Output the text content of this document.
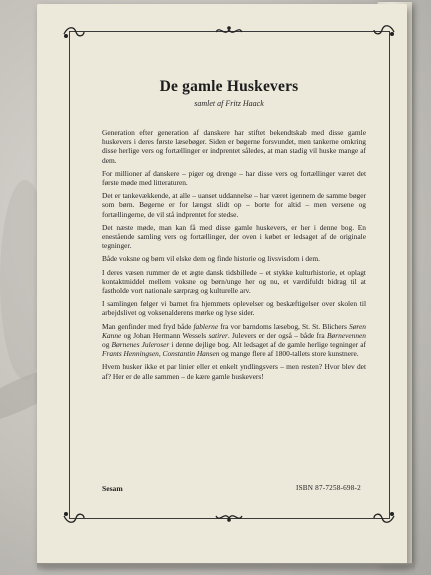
De gamle Huskevers

samlet af Fritz Haack

Generation efter generation af danskere har stiftet bekendtskab med disse gamle huskevers i deres første læsebøger. Siden er bøgerne forsvundet, men tankerne omkring disse herlige vers og fortællinger er indprentet således, at man stadig vil huske mange af dem.

For millioner af danskere – piger og drenge – har disse vers og fortællinger været det første møde med litteraturen.

Det er tankevækkende, at alle – uanset uddannelse – har været igennem de samme bøger som børn. Bøgerne er for længst slidt op – borte for altid – men versene og fortællingerne, de vil stå indprentet for stedse.

Det næste møde, man kan få med disse gamle huskevers, er her i denne bog. En enestående samling vers og fortællinger, der oven i købet er ledsaget af de originale tegninger.

Både voksne og børn vil elske dem og finde historie og livsvisdom i dem.

I deres væsen rummer de et ægte dansk tidsbillede – et stykke kulturhistorie, et oplagt kontaktmiddel mellem voksne og børn/unge her og nu, et værdifuldt bidrag til at fastholde vort nationale særpræg og kulturelle arv.

I samlingen følger vi barnet fra hjemmets oplevelser og beskæftigelser over skolen til arbejdslivet og voksenalderens mørke og lyse sider.

Man genfinder med fryd både fablerne fra vor barndoms læsebog, St. St. Blichers Søren Kanne og Johan Hermann Wessels satirer. Julevers er der også – både fra Børnevennen og Børnenes Juleroser i denne dejlige bog. Alt ledsaget af de gamle herlige tegninger af Frants Henningsen, Constantin Hansen og mange flere af 1800-tallets store kunstnere.

Hvem husker ikke et par linier eller et enkelt yndlingsvers – men resten? Hvor blev det af? Her er de alle sammen – de kære gamle huskevers!

Sesam	ISBN 87-7258-698-2
